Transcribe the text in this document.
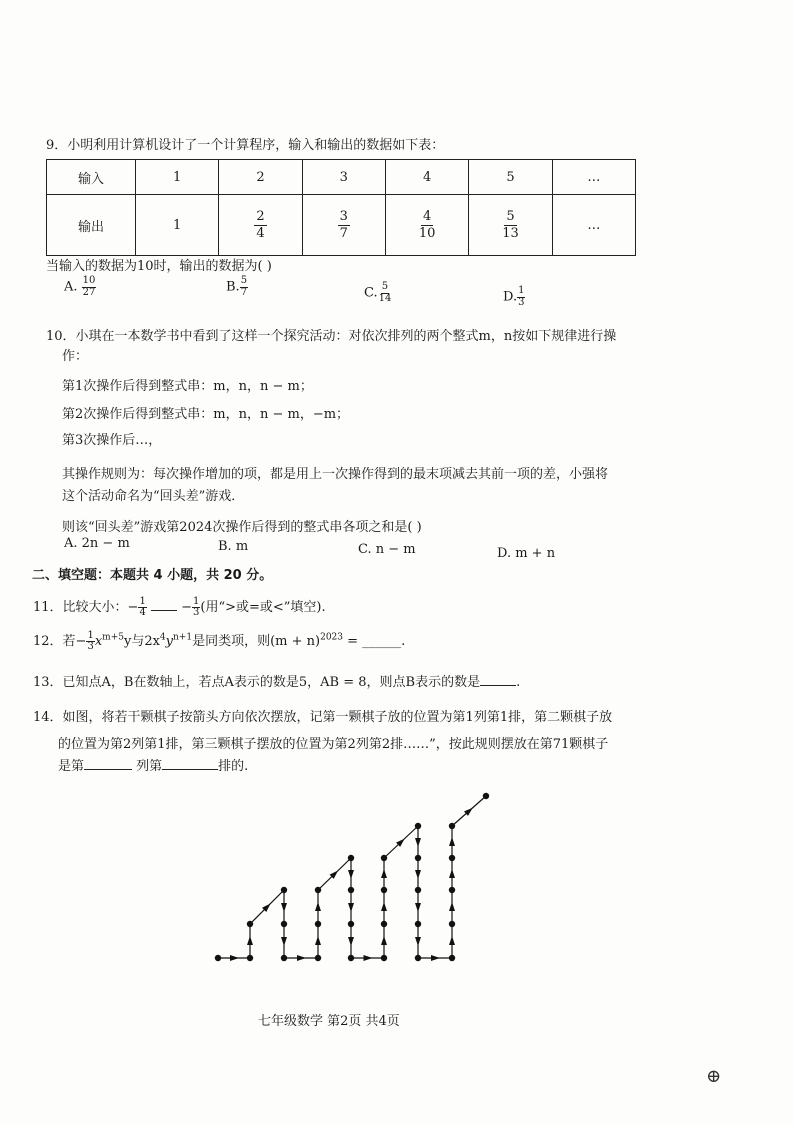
9．小明利用计算机设计了一个计算程序，输入和输出的数据如下表：
输入	1	2	3	4	5	…
输出	1	$\frac{2}{4}$	$\frac{3}{7}$	$\frac{4}{10}$	$\frac{5}{13}$	…
当输入的数据为10时，输出的数据为( )
A. $\frac{10}{27}$	B. $\frac{5}{7}$	C. $\frac{5}{14}$	D. $\frac{1}{3}$
10．小琪在一本数学书中看到了这样一个探究活动：对依次排列的两个整式m，n按如下规律进行操
作：
第1次操作后得到整式串：m，n，n − m；
第2次操作后得到整式串：m，n，n − m，−m；
第3次操作后…，
其操作规则为：每次操作增加的项，都是用上一次操作得到的最末项减去其前一项的差，小强将
这个活动命名为“回头差”游戏．
则该“回头差”游戏第2024次操作后得到的整式串各项之和是( )
A. 2n − m	B. m	C. n − m	D. m + n
二、填空题：本题共 4 小题，共 20 分。
11．比较大小：− $\frac{1}{4}$	− $\frac{1}{3}$ (用“>或=或<”填空).
12．若− $\frac{1}{3} x^{m+5}y$与$2x^4y^{n+1}$是同类项，则$(m + n)^{2023}$ = ______.
13．已知点A，B在数轴上，若点A表示的数是5，AB = 8，则点B表示的数是	.
14．如图，将若干颗棋子按箭头方向依次摆放，记第一颗棋子放的位置为第1列第1排，第二颗棋子放
的位置为第2列第1排，第三颗棋子摆放的位置为第2列第2排……”，按此规则摆放在第71颗棋子
是第	列第	排的.
七年级数学 第2页 共4页
⊕
